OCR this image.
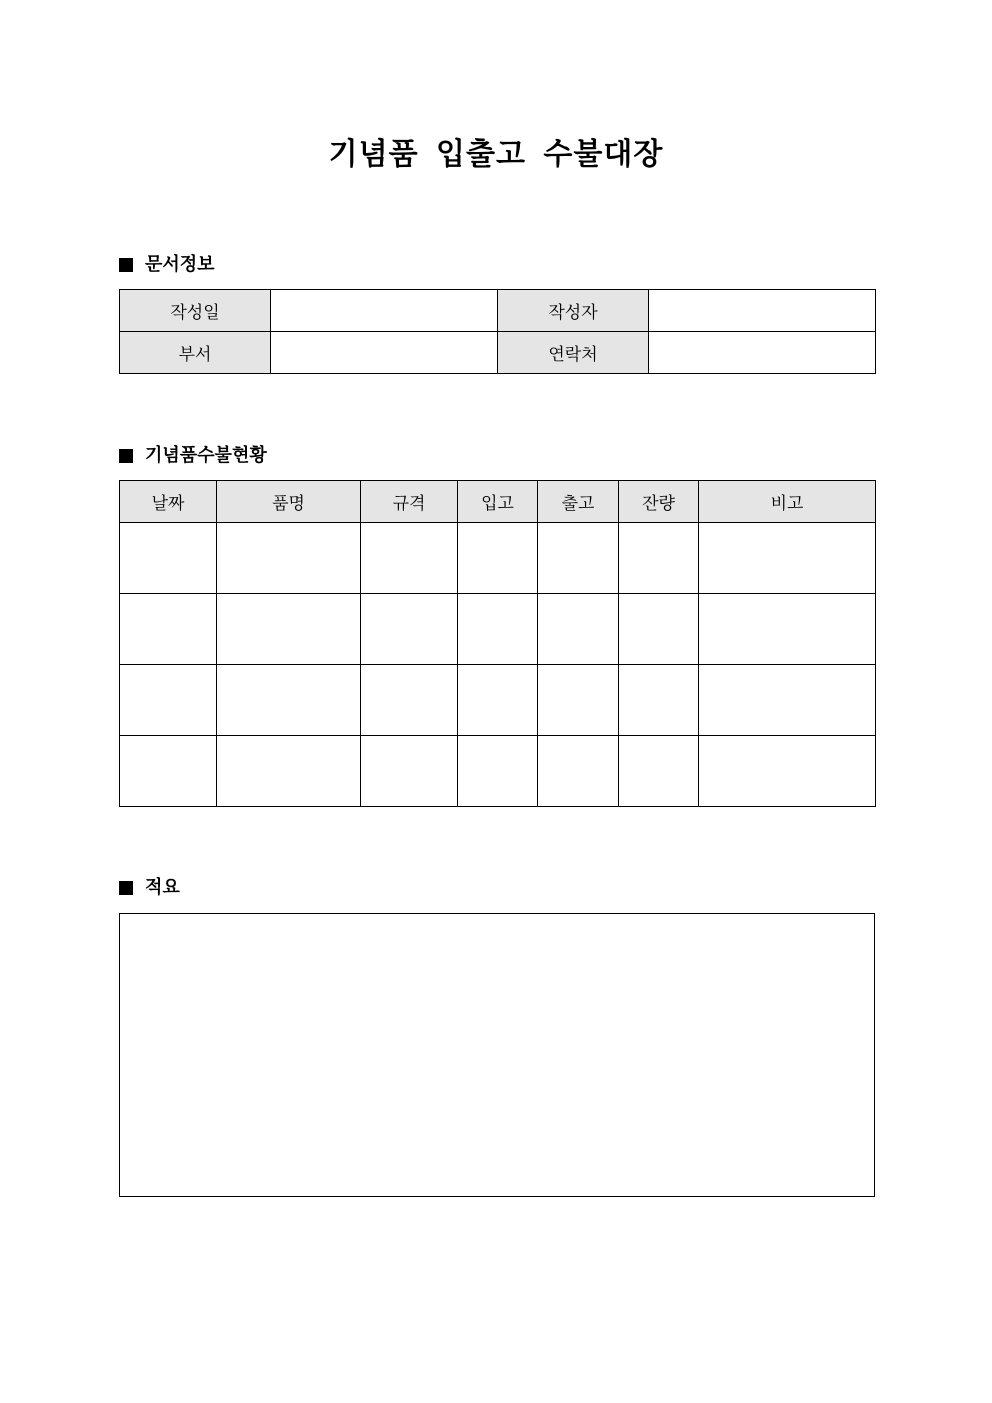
기념품 입출고 수불대장
문서정보
작성일		작성자	
부서		연락처	
기념품수불현황
날짜	품명	규격	입고	출고	잔량	비고

적요
